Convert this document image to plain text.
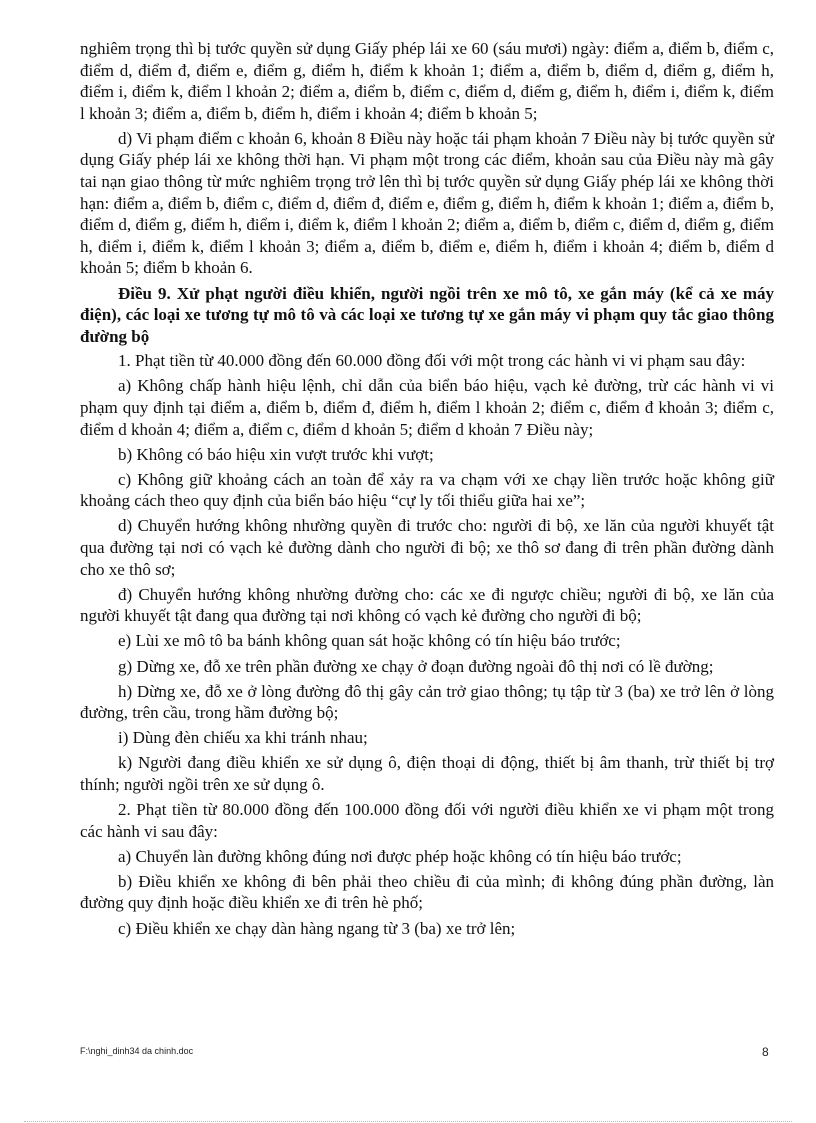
nghiêm trọng thì bị tước quyền sử dụng Giấy phép lái xe 60 (sáu mươi) ngày: điểm a, điểm b, điểm c, điểm d, điểm đ, điểm e, điểm g, điểm h, điểm k khoản 1; điểm a, điểm b, điểm d, điểm g, điểm h, điểm i, điểm k, điểm l khoản 2; điểm a, điểm b, điểm c, điểm d, điểm g, điểm h, điểm i, điểm k, điểm l khoản 3; điểm a, điểm b, điểm h, điểm i khoản 4; điểm b khoản 5;

d) Vi phạm điểm c khoản 6, khoản 8 Điều này hoặc tái phạm khoản 7 Điều này bị tước quyền sử dụng Giấy phép lái xe không thời hạn. Vi phạm một trong các điểm, khoản sau của Điều này mà gây tai nạn giao thông từ mức nghiêm trọng trở lên thì bị tước quyền sử dụng Giấy phép lái xe không thời hạn: điểm a, điểm b, điểm c, điểm d, điểm đ, điểm e, điểm g, điểm h, điểm k khoản 1; điểm a, điểm b, điểm d, điểm g, điểm h, điểm i, điểm k, điểm l khoản 2; điểm a, điểm b, điểm c, điểm d, điểm g, điểm h, điểm i, điểm k, điểm l khoản 3; điểm a, điểm b, điểm e, điểm h, điểm i khoản 4; điểm b, điểm d khoản 5; điểm b khoản 6.

Điều 9. Xử phạt người điều khiển, người ngồi trên xe mô tô, xe gắn máy (kể cả xe máy điện), các loại xe tương tự mô tô và các loại xe tương tự xe gắn máy vi phạm quy tắc giao thông đường bộ

1. Phạt tiền từ 40.000 đồng đến 60.000 đồng đối với một trong các hành vi vi phạm sau đây:

a) Không chấp hành hiệu lệnh, chỉ dẫn của biển báo hiệu, vạch kẻ đường, trừ các hành vi vi phạm quy định tại điểm a, điểm b, điểm đ, điểm h, điểm l khoản 2; điểm c, điểm đ khoản 3; điểm c, điểm d khoản 4; điểm a, điểm c, điểm d khoản 5; điểm d khoản 7 Điều này;

b) Không có báo hiệu xin vượt trước khi vượt;

c) Không giữ khoảng cách an toàn để xảy ra va chạm với xe chạy liền trước hoặc không giữ khoảng cách theo quy định của biển báo hiệu “cự ly tối thiểu giữa hai xe”;

d) Chuyển hướng không nhường quyền đi trước cho: người đi bộ, xe lăn của người khuyết tật qua đường tại nơi có vạch kẻ đường dành cho người đi bộ; xe thô sơ đang đi trên phần đường dành cho xe thô sơ;

đ) Chuyển hướng không nhường đường cho: các xe đi ngược chiều; người đi bộ, xe lăn của người khuyết tật đang qua đường tại nơi không có vạch kẻ đường cho người đi bộ;

e) Lùi xe mô tô ba bánh không quan sát hoặc không có tín hiệu báo trước;

g) Dừng xe, đỗ xe trên phần đường xe chạy ở đoạn đường ngoài đô thị nơi có lề đường;

h) Dừng xe, đỗ xe ở lòng đường đô thị gây cản trở giao thông; tụ tập từ 3 (ba) xe trở lên ở lòng đường, trên cầu, trong hầm đường bộ;

i) Dùng đèn chiếu xa khi tránh nhau;

k) Người đang điều khiển xe sử dụng ô, điện thoại di động, thiết bị âm thanh, trừ thiết bị trợ thính; người ngồi trên xe sử dụng ô.

2. Phạt tiền từ 80.000 đồng đến 100.000 đồng đối với người điều khiển xe vi phạm một trong các hành vi sau đây:

a) Chuyển làn đường không đúng nơi được phép hoặc không có tín hiệu báo trước;

b) Điều khiển xe không đi bên phải theo chiều đi của mình; đi không đúng phần đường, làn đường quy định hoặc điều khiển xe đi trên hè phố;

c) Điều khiển xe chạy dàn hàng ngang từ 3 (ba) xe trở lên;

F:\nghi_dinh34 da chinh.doc	8
